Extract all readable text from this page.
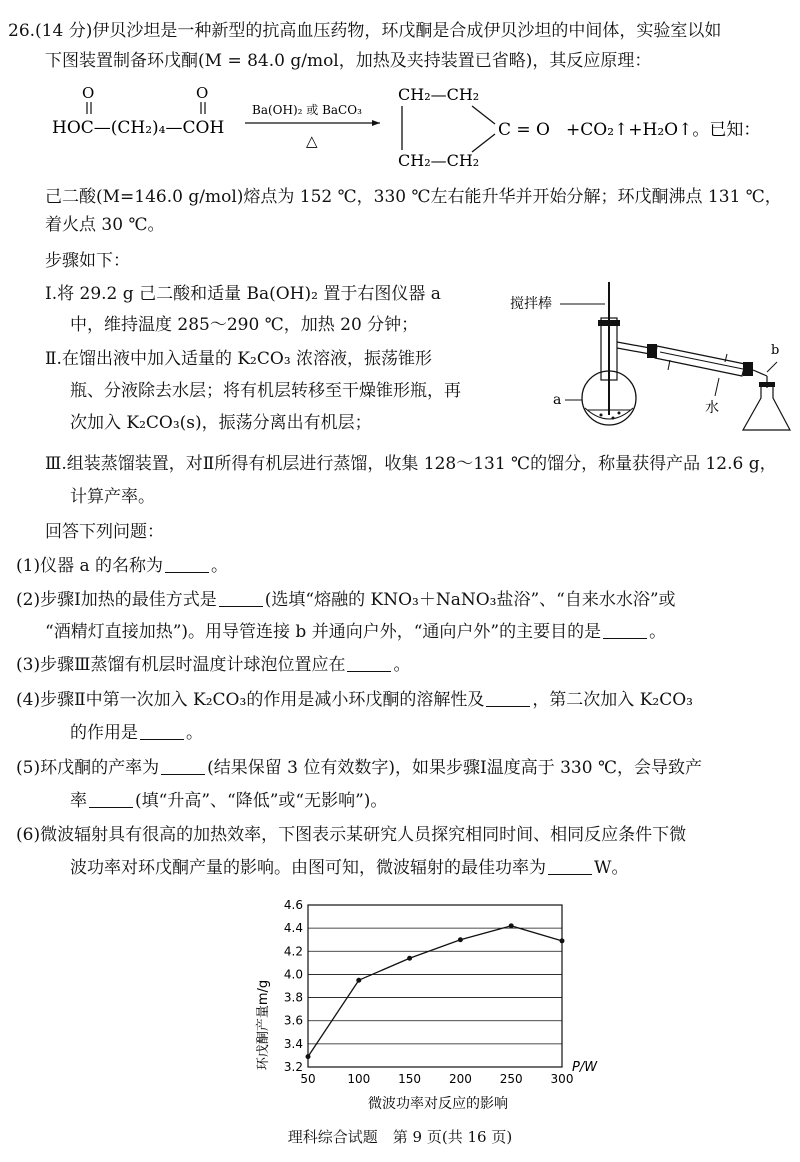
26.(14 分)伊贝沙坦是一种新型的抗高血压药物，环戊酮是合成伊贝沙坦的中间体，实验室以如
下图装置制备环戊酮(M = 84.0 g/mol，加热及夹持装置已省略)，其反应原理：
O	O
HOC—(CH₂)₄—COH
Ba(OH)₂ 或 BaCO₃
△
CH₂—CH₂
CH₂—CH₂
C = O +CO₂↑+H₂O↑。已知：
己二酸(M=146.0 g/mol)熔点为 152 ℃，330 ℃左右能升华并开始分解；环戊酮沸点 131 ℃，
着火点 30 ℃。
步骤如下：
Ⅰ.将 29.2 g 己二酸和适量 Ba(OH)₂ 置于右图仪器 a
中，维持温度 285～290 ℃，加热 20 分钟；
Ⅱ.在馏出液中加入适量的 K₂CO₃ 浓溶液，振荡锥形
瓶、分液除去水层；将有机层转移至干燥锥形瓶，再
次加入 K₂CO₃(s)，振荡分离出有机层；
搅拌棒
a	水
b
Ⅲ.组装蒸馏装置，对Ⅱ所得有机层进行蒸馏，收集 128～131 ℃的馏分，称量获得产品 12.6 g，
计算产率。
回答下列问题：
(1)仪器 a 的名称为	。
(2)步骤Ⅰ加热的最佳方式是	(选填“熔融的 KNO₃＋NaNO₃盐浴”、“自来水水浴”或
“酒精灯直接加热”)。用导管连接 b 并通向户外，“通向户外”的主要目的是	。
(3)步骤Ⅲ蒸馏有机层时温度计球泡位置应在	。
(4)步骤Ⅱ中第一次加入 K₂CO₃的作用是减小环戊酮的溶解性及	，第二次加入 K₂CO₃
的作用是	。
(5)环戊酮的产率为	(结果保留 3 位有效数字)，如果步骤Ⅰ温度高于 330 ℃，会导致产
率	(填“升高”、“降低”或“无影响”)。
(6)微波辐射具有很高的加热效率，下图表示某研究人员探究相同时间、相同反应条件下微
波功率对环戊酮产量的影响。由图可知，微波辐射的最佳功率为	W。
3.2
3.4
3.6
3.8
4.0
4.2
4.4
4.6
50	100 150 200 250 300
环戊酮产量m/g	P/W
微波功率对反应的影响
理科综合试题　第 9 页(共 16 页)
